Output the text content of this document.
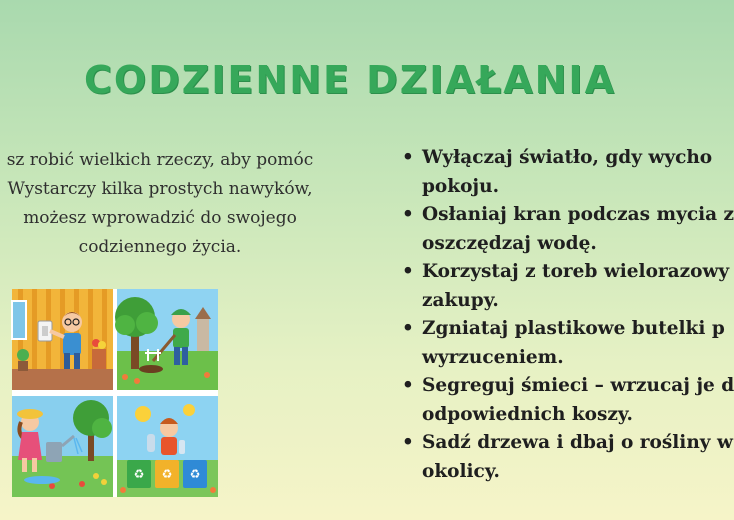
CODZIENNE DZIAŁANIA
sz robić wielkich rzeczy, aby pomóc
Wystarczy kilka prostych nawyków,
możesz wprowadzić do swojego
codziennego życia.
• Wyłączaj światło, gdy wycho
pokoju.
• Osłaniaj kran podczas mycia z
oszczędzaj wodę.
• Korzystaj z toreb wielorazowy
zakupy.
• Zgniataj plastikowe butelki p
wyrzuceniem.
• Segreguj śmieci – wrzucaj je d
odpowiednich koszy.
• Sadź drzewa i dbaj o rośliny w
okolicy.
♻ ♻ ♻
